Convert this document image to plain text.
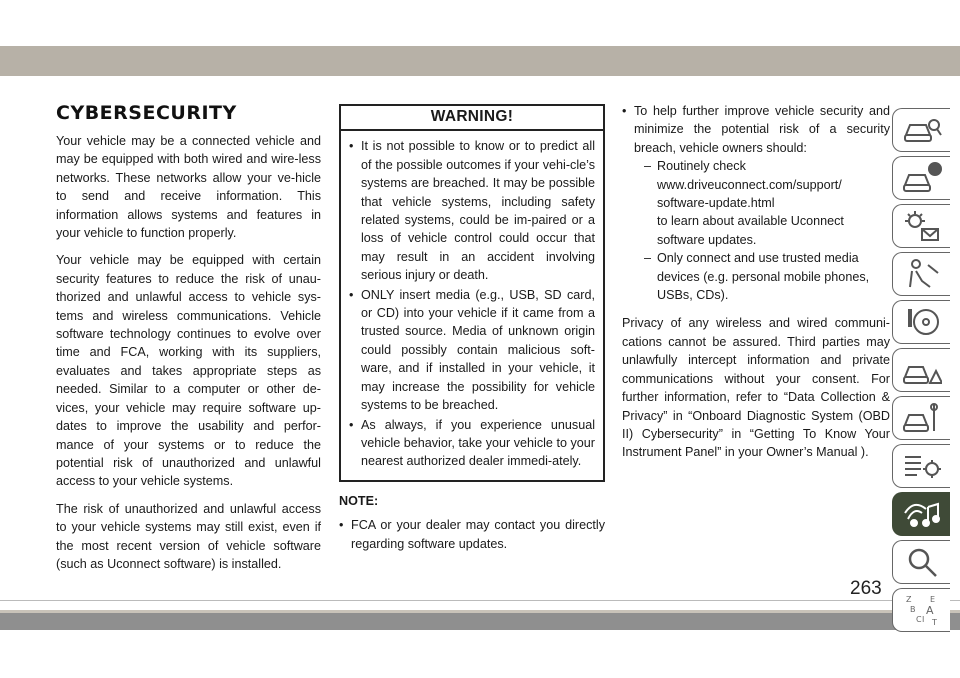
CYBERSECURITY

Your vehicle may be a connected vehicle and may be equipped with both wired and wire-less networks. These networks allow your ve-hicle to send and receive information. This information allows systems and features in your vehicle to function properly.

Your vehicle may be equipped with certain security features to reduce the risk of unau-thorized and unlawful access to vehicle sys-tems and wireless communications. Vehicle software technology continues to evolve over time and FCA, working with its suppliers, evaluates and takes appropriate steps as needed. Similar to a computer or other de-vices, your vehicle may require software up-dates to improve the usability and perfor-mance of your systems or to reduce the potential risk of unauthorized and unlawful access to your vehicle systems.

The risk of unauthorized and unlawful access to your vehicle systems may still exist, even if the most recent version of vehicle software (such as Uconnect software) is installed.

WARNING!
• It is not possible to know or to predict all of the possible outcomes if your vehi-cle’s systems are breached. It may be possible that vehicle systems, including safety related systems, could be im-paired or a loss of vehicle control could occur that may result in an accident involving serious injury or death.
• ONLY insert media (e.g., USB, SD card, or CD) into your vehicle if it came from a trusted source. Media of unknown origin could possibly contain malicious soft-ware, and if installed in your vehicle, it may increase the possibility for vehicle systems to be breached.
• As always, if you experience unusual vehicle behavior, take your vehicle to your nearest authorized dealer immedi-ately.
NOTE:
• FCA or your dealer may contact you directly regarding software updates.
• To help further improve vehicle security and minimize the potential risk of a security breach, vehicle owners should:
– Routinely check
www.driveuconnect.com/support/ software-update.html
to learn about available Uconnect software updates.
– Only connect and use trusted media devices (e.g. personal mobile phones, USBs, CDs).

Privacy of any wireless and wired communi-cations cannot be assured. Third parties may unlawfully intercept information and private communications without your consent. For further information, refer to “Data Collection & Privacy” in “Onboard Diagnostic System (OBD II) Cybersecurity” in “Getting To Know Your Instrument Panel” in your Owner’s Manual ).

Z E
B A
C I T
263
